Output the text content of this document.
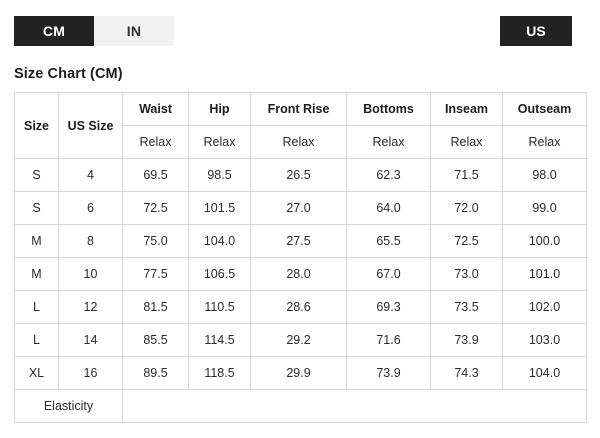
CM	IN	US
Size Chart (CM)
Size	US Size	Waist	Hip	Front Rise	Bottoms	Inseam	Outseam
		Relax	Relax	Relax	Relax	Relax	Relax
S	4	69.5	98.5	26.5	62.3	71.5	98.0
S	6	72.5	101.5	27.0	64.0	72.0	99.0
M	8	75.0	104.0	27.5	65.5	72.5	100.0
M	10	77.5	106.5	28.0	67.0	73.0	101.0
L	12	81.5	110.5	28.6	69.3	73.5	102.0
L	14	85.5	114.5	29.2	71.6	73.9	103.0
XL	16	89.5	118.5	29.9	73.9	74.3	104.0
Elasticity							
